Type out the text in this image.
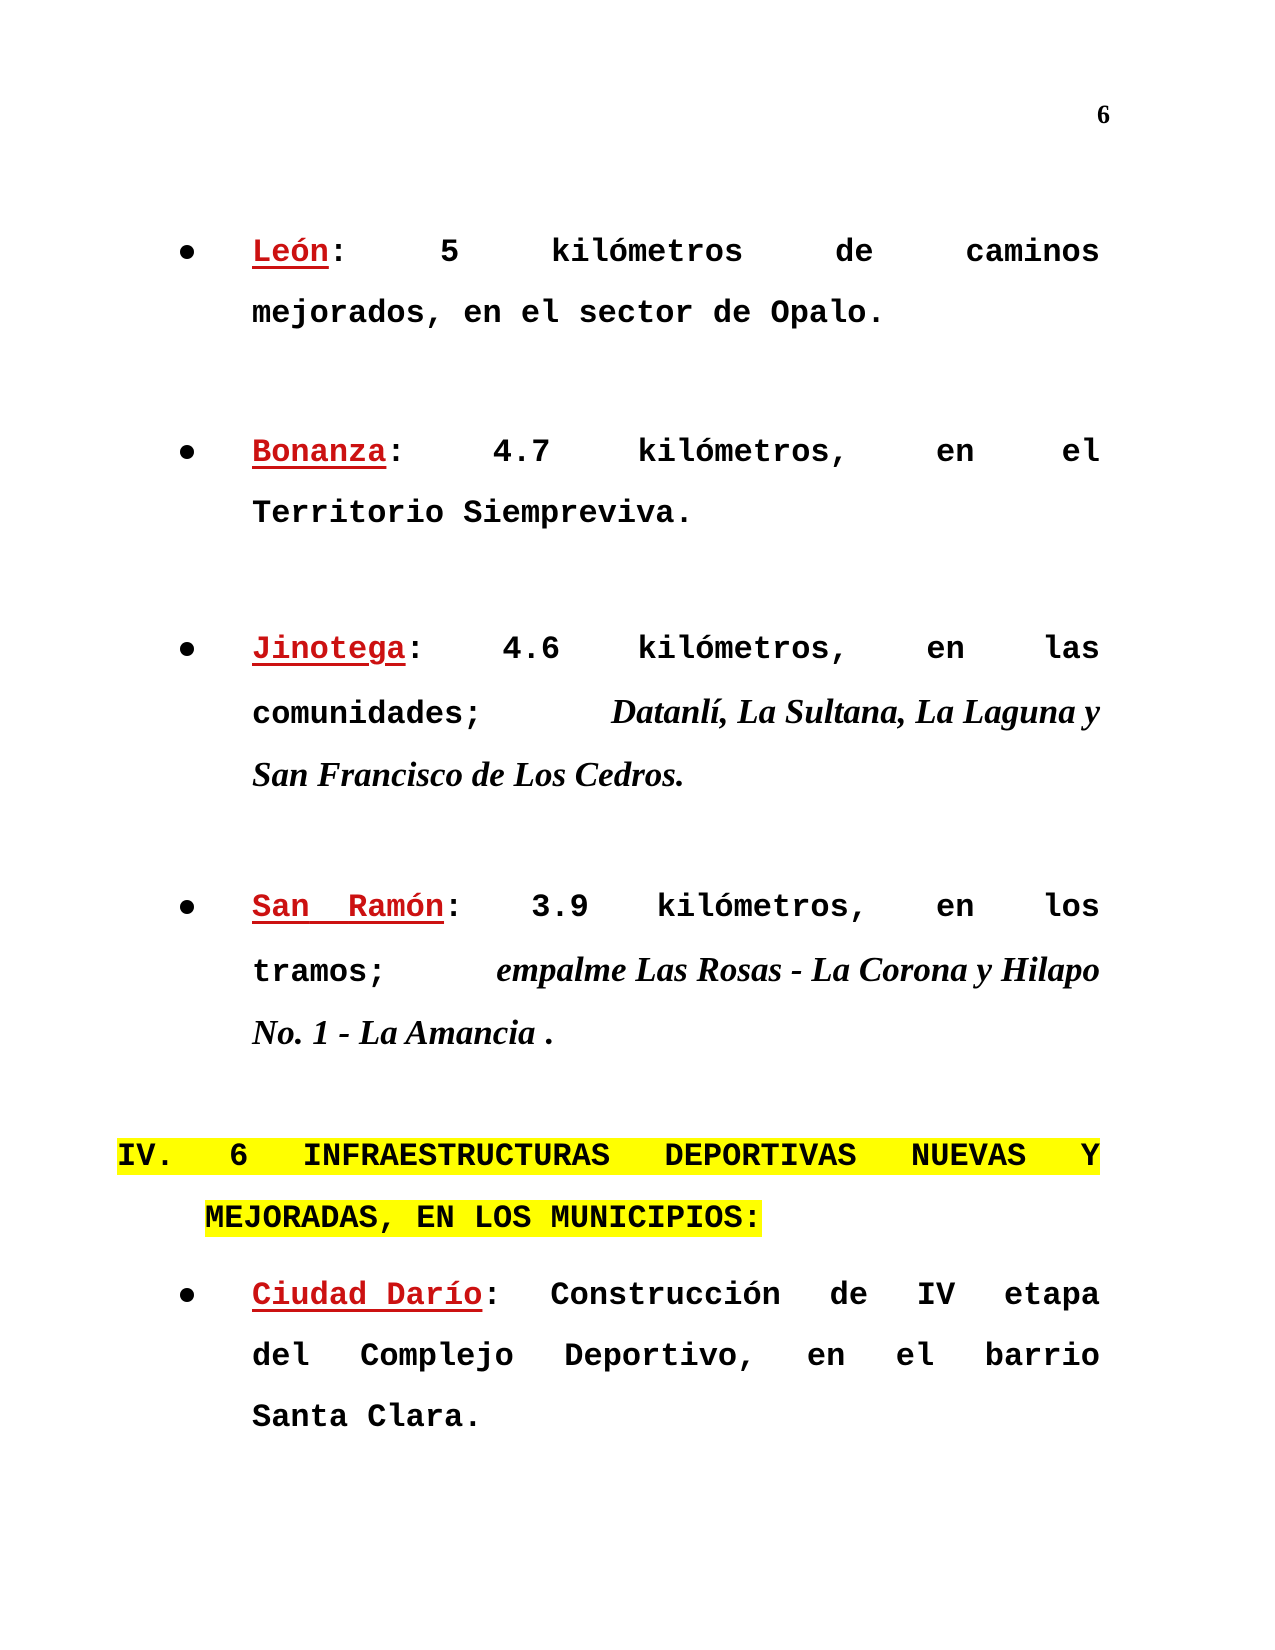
6
León:	5	kilómetros	de	caminos
mejorados, en el sector de Opalo.
Bonanza:	4.7	kilómetros,	en	el
Territorio Siempreviva.
Jinotega: 4.6 kilómetros, en las
comunidades;	Datanlí, La Sultana, La Laguna y
San Francisco de Los Cedros.
San Ramón: 3.9 kilómetros, en los
tramos;	empalme Las Rosas - La Corona y Hilapo
No. 1 - La Amancia .
IV. 6 INFRAESTRUCTURAS DEPORTIVAS NUEVAS Y
MEJORADAS, EN LOS MUNICIPIOS:
Ciudad Darío: Construcción de IV etapa
del Complejo Deportivo, en el barrio
Santa Clara.
